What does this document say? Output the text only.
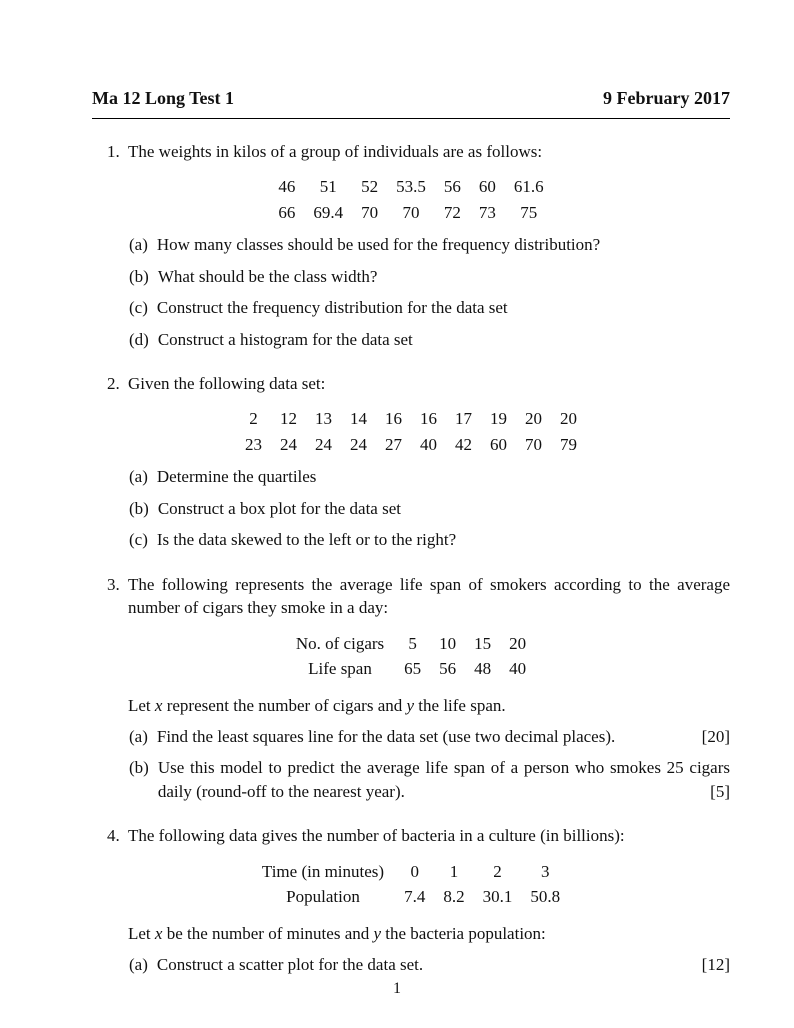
Ma 12 Long Test 1	9 February 2017
1. The weights in kilos of a group of individuals are as follows:
46	51	52	53.5	56	60	61.6
66	69.4	70	70	72	73	75
(a) How many classes should be used for the frequency distribution?
(b) What should be the class width?
(c) Construct the frequency distribution for the data set
(d) Construct a histogram for the data set
2. Given the following data set:
2	12	13	14	16	16	17	19	20	20
23	24	24	24	27	40	42	60	70	79
(a) Determine the quartiles
(b) Construct a box plot for the data set
(c) Is the data skewed to the left or to the right?
3. The following represents the average life span of smokers according to the average number of cigars they smoke in a day:
No. of cigars	5	10	15	20
Life span	65	56	48	40
Let x represent the number of cigars and y the life span.
(a) Find the least squares line for the data set (use two decimal places).	[20]
(b) Use this model to predict the average life span of a person who smokes 25 cigars daily (round-off to the nearest year).	[5]
4. The following data gives the number of bacteria in a culture (in billions):
Time (in minutes)	0	1	2	3
Population	7.4	8.2	30.1	50.8
Let x be the number of minutes and y the bacteria population:
(a) Construct a scatter plot for the data set.	[12]
1
